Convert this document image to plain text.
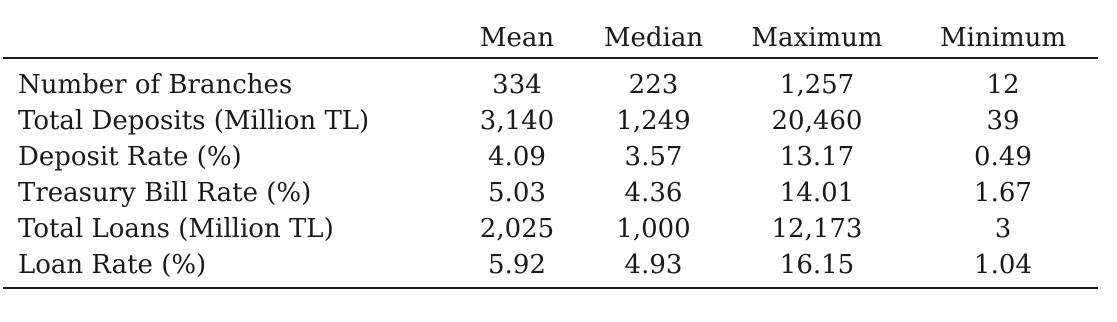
	Mean	Median	Maximum	Minimum
Number of Branches	334	223	1,257	12
Total Deposits (Million TL)	3,140	1,249	20,460	39
Deposit Rate (%)	4.09	3.57	13.17	0.49
Treasury Bill Rate (%)	5.03	4.36	14.01	1.67
Total Loans (Million TL)	2,025	1,000	12,173	3
Loan Rate (%)	5.92	4.93	16.15	1.04
